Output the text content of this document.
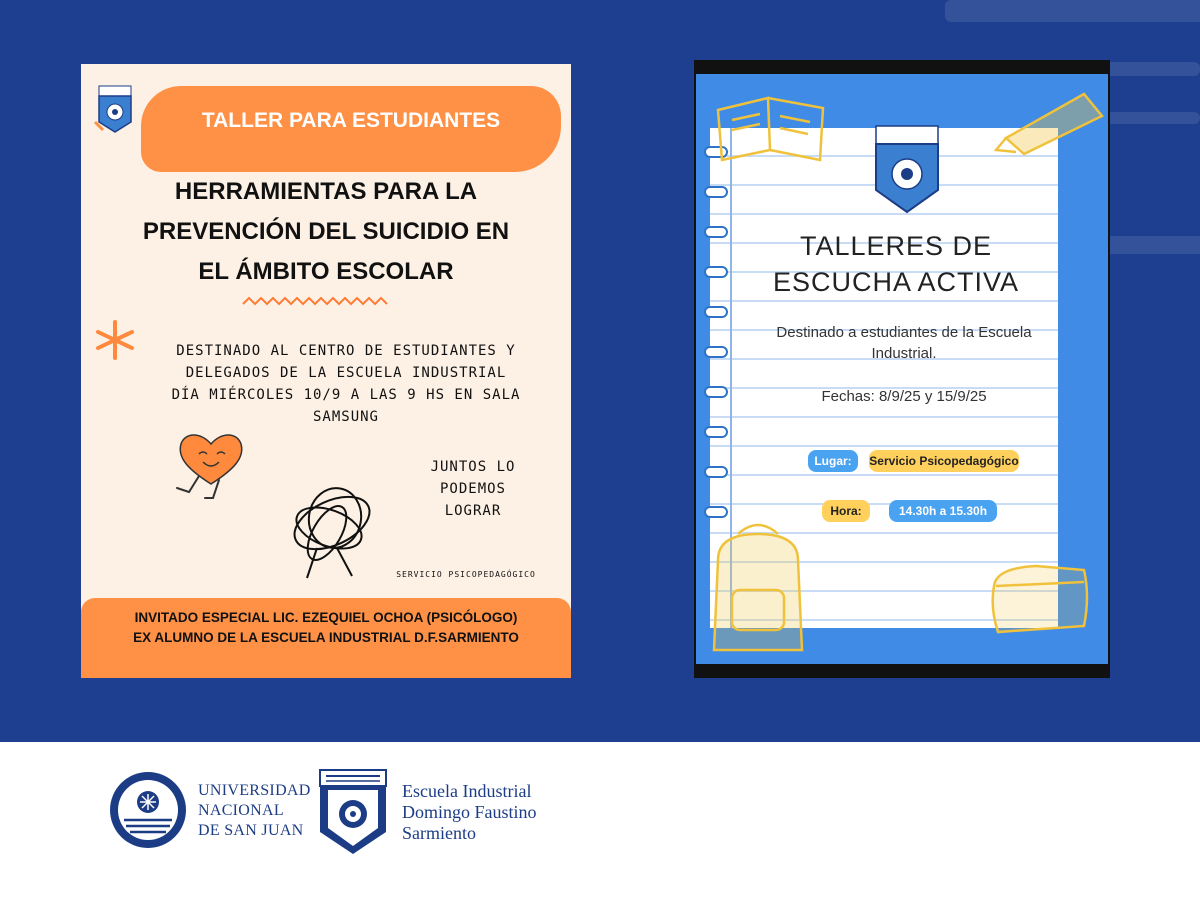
TALLER PARA ESTUDIANTES
HERRAMIENTAS PARA LA
PREVENCIÓN DEL SUICIDIO EN
EL ÁMBITO ESCOLAR
DESTINADO AL CENTRO DE ESTUDIANTES Y
DELEGADOS DE LA ESCUELA INDUSTRIAL
DÍA MIÉRCOLES 10/9 A LAS 9 HS EN SALA
SAMSUNG
JUNTOS LO
PODEMOS
LOGRAR
SERVICIO PSICOPEDAGÓGICO
INVITADO ESPECIAL LIC. EZEQUIEL OCHOA (PSICÓLOGO)
EX ALUMNO DE LA ESCUELA INDUSTRIAL D.F.SARMIENTO
TALLERES DE
ESCUCHA ACTIVA
Destinado a estudiantes de la Escuela
Industrial.
Fechas: 8/9/25 y 15/9/25
Lugar:	Servicio Psicopedagógico
Hora:	14.30h a 15.30h
UNIVERSIDAD
NACIONAL
DE SAN JUAN
Escuela Industrial
Domingo Faustino
Sarmiento
